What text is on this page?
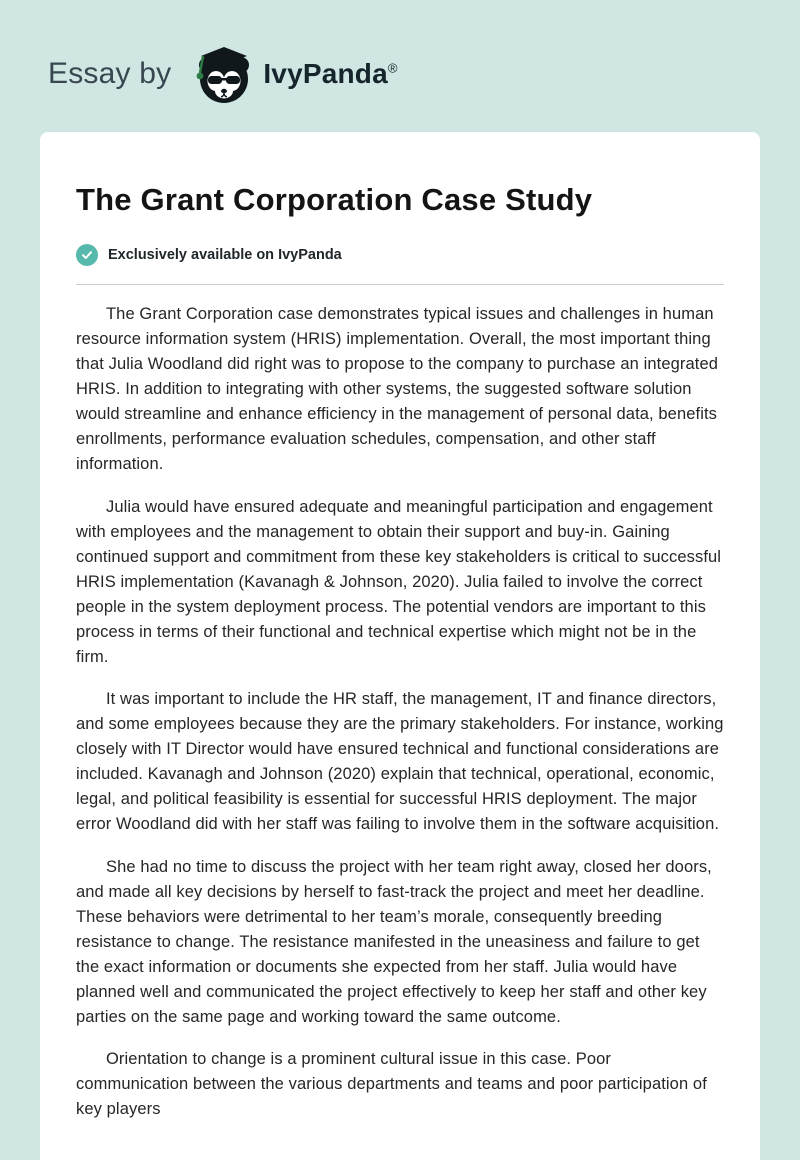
Essay by	IvyPanda®
The Grant Corporation Case Study
Exclusively available on IvyPanda

The Grant Corporation case demonstrates typical issues and challenges in human resource information system (HRIS) implementation. Overall, the most important thing that Julia Woodland did right was to propose to the company to purchase an integrated HRIS. In addition to integrating with other systems, the suggested software solution would streamline and enhance efficiency in the management of personal data, benefits enrollments, performance evaluation schedules, compensation, and other staff information.

Julia would have ensured adequate and meaningful participation and engagement with employees and the management to obtain their support and buy-in. Gaining continued support and commitment from these key stakeholders is critical to successful HRIS implementation (Kavanagh & Johnson, 2020). Julia failed to involve the correct people in the system deployment process. The potential vendors are important to this process in terms of their functional and technical expertise which might not be in the firm.

It was important to include the HR staff, the management, IT and finance directors, and some employees because they are the primary stakeholders. For instance, working closely with IT Director would have ensured technical and functional considerations are included. Kavanagh and Johnson (2020) explain that technical, operational, economic, legal, and political feasibility is essential for successful HRIS deployment. The major error Woodland did with her staff was failing to involve them in the software acquisition.

She had no time to discuss the project with her team right away, closed her doors, and made all key decisions by herself to fast-track the project and meet her deadline. These behaviors were detrimental to her team’s morale, consequently breeding resistance to change. The resistance manifested in the uneasiness and failure to get the exact information or documents she expected from her staff. Julia would have planned well and communicated the project effectively to keep her staff and other key parties on the same page and working toward the same outcome.

Orientation to change is a prominent cultural issue in this case. Poor communication between the various departments and teams and poor participation of key players
